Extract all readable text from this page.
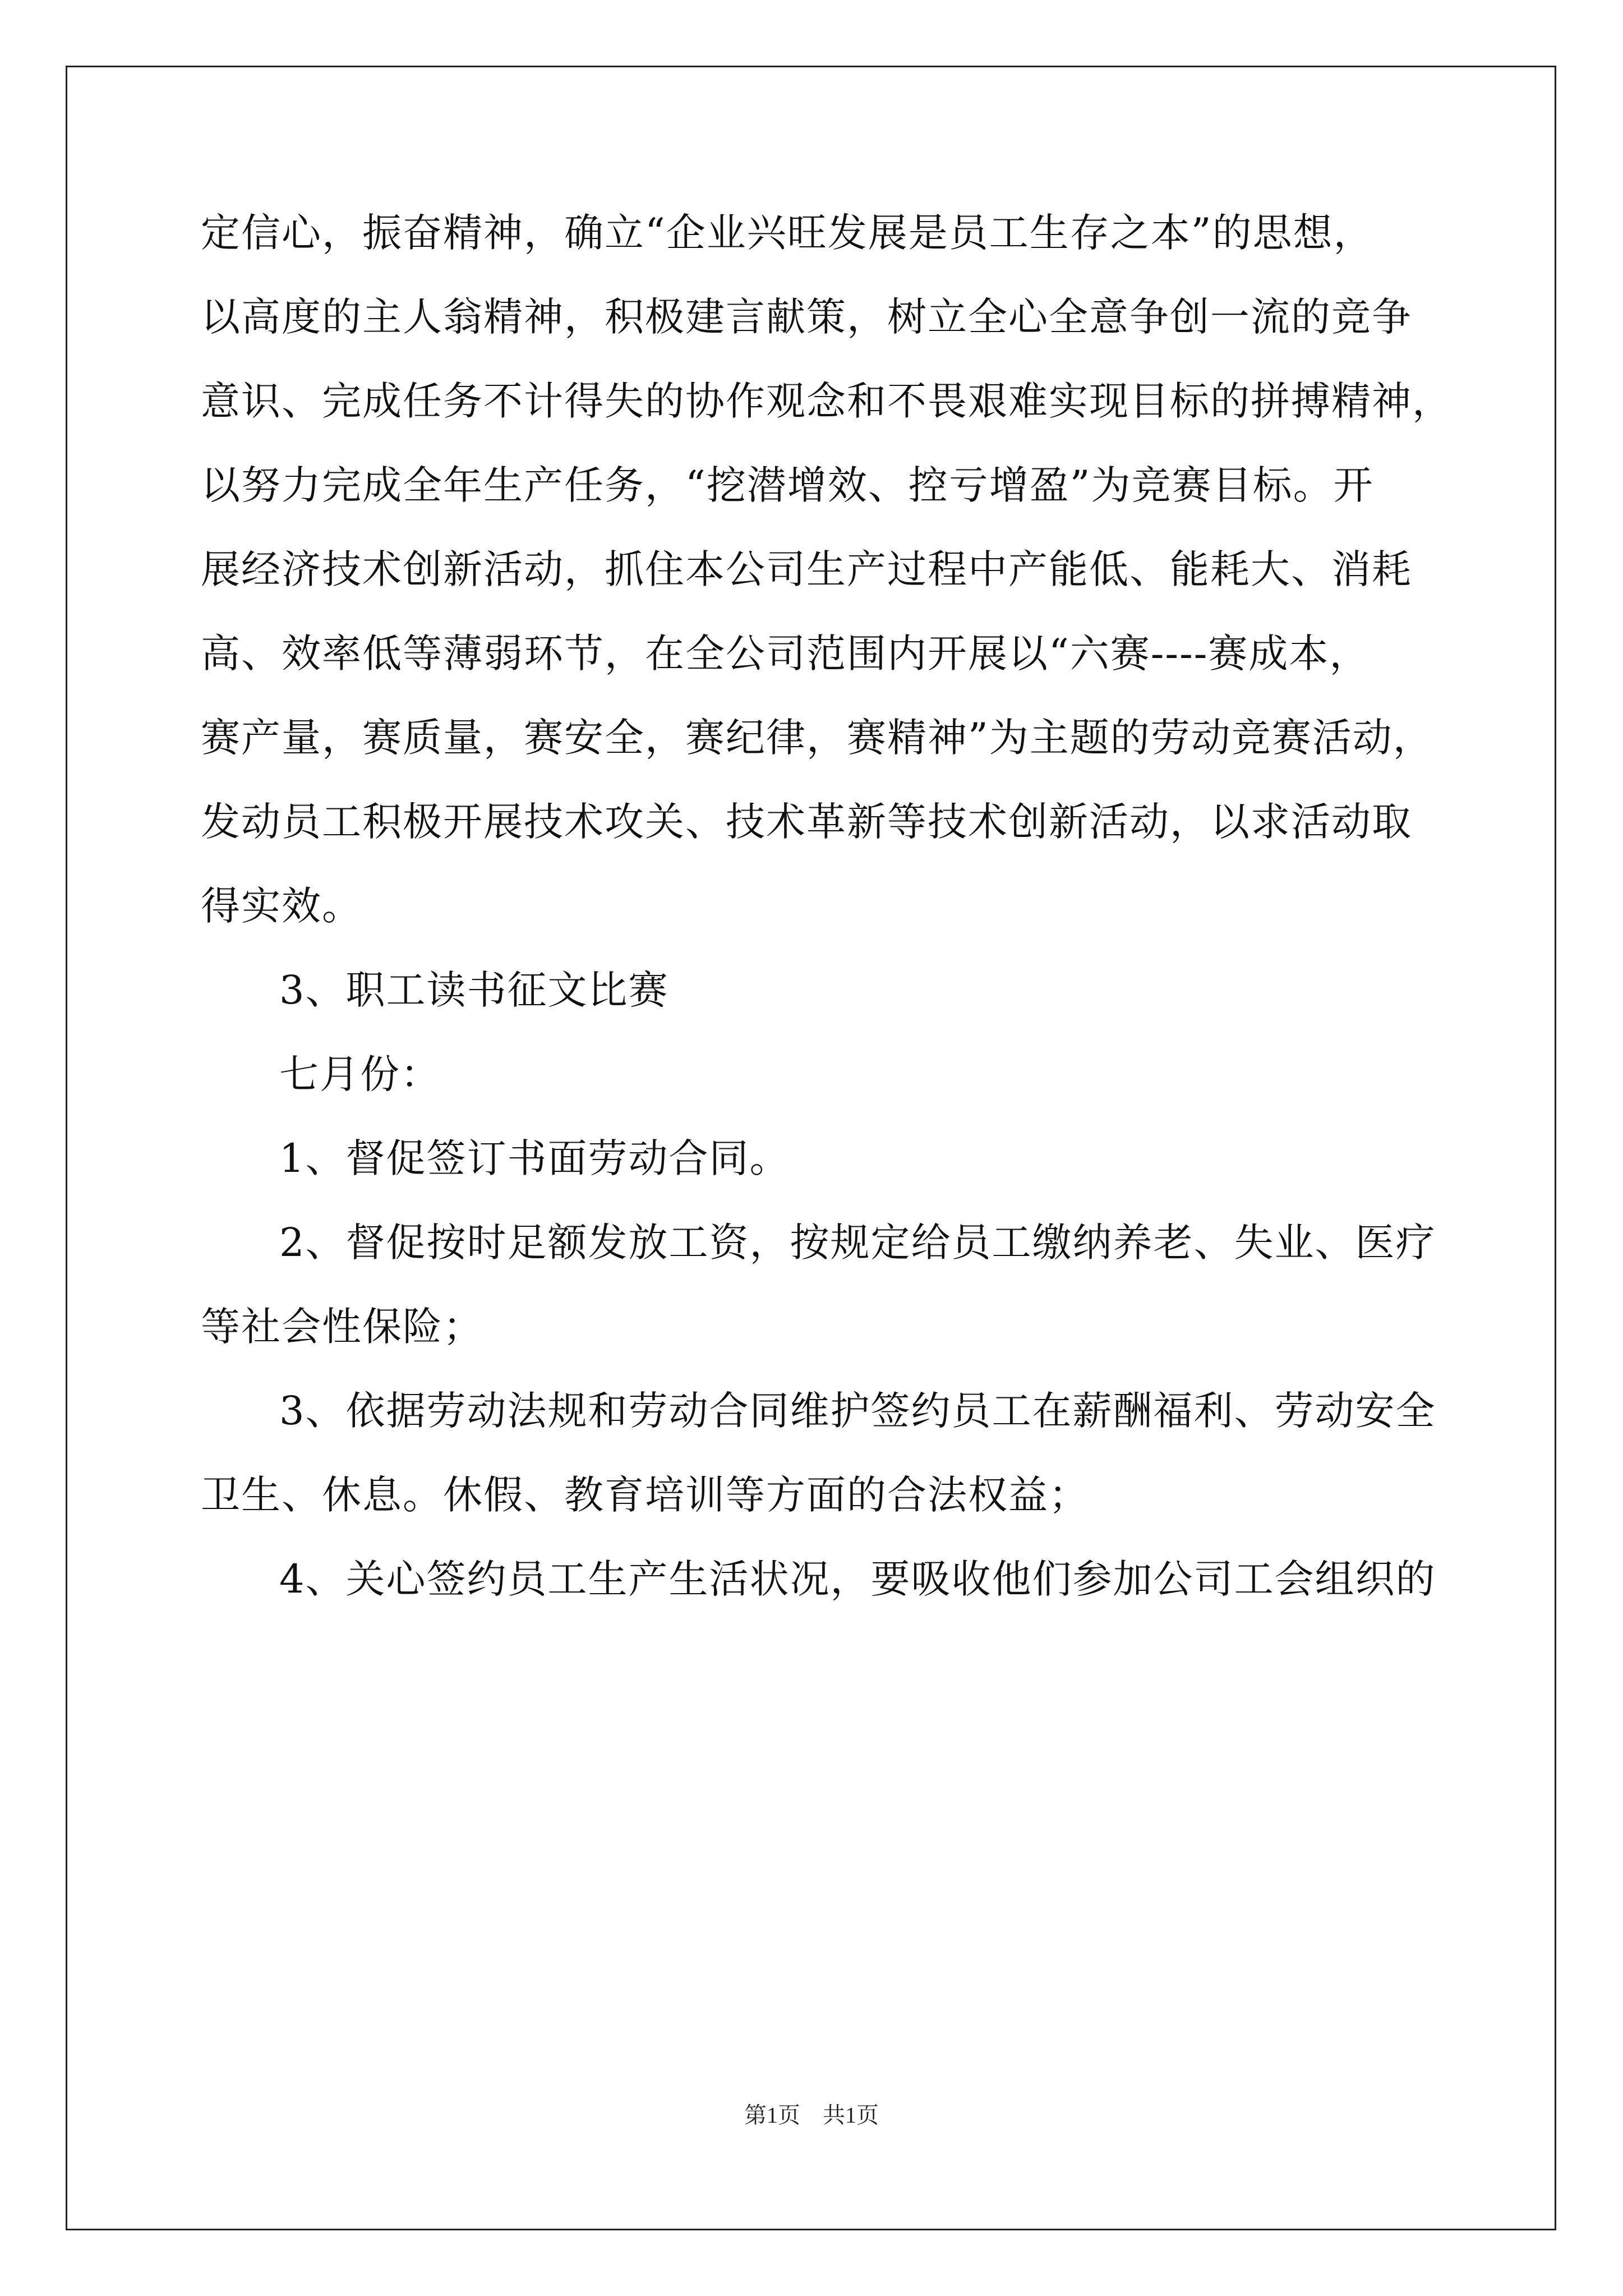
定信心，振奋精神，确立“企业兴旺发展是员工生存之本”的思想，
以高度的主人翁精神，积极建言献策，树立全心全意争创一流的竞争
意识、完成任务不计得失的协作观念和不畏艰难实现目标的拼搏精神，
以努力完成全年生产任务，“挖潜增效、控亏增盈”为竞赛目标。开
展经济技术创新活动，抓住本公司生产过程中产能低、能耗大、消耗
高、效率低等薄弱环节，在全公司范围内开展以“六赛----赛成本，
赛产量，赛质量，赛安全，赛纪律，赛精神”为主题的劳动竞赛活动，
发动员工积极开展技术攻关、技术革新等技术创新活动，以求活动取
得实效。
3、职工读书征文比赛
七月份：
1、督促签订书面劳动合同。
2、督促按时足额发放工资，按规定给员工缴纳养老、失业、医疗
等社会性保险；
3、依据劳动法规和劳动合同维护签约员工在薪酬福利、劳动安全
卫生、休息。休假、教育培训等方面的合法权益；
4、关心签约员工生产生活状况，要吸收他们参加公司工会组织的
第1页　共1页
